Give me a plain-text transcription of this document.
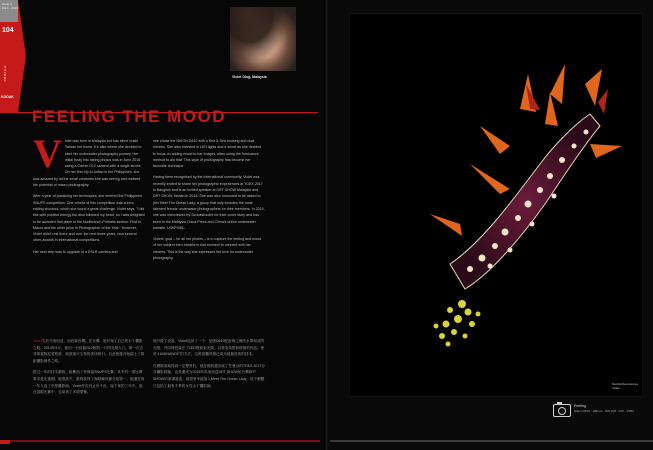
Issue 4 · Vol 1 · 2018
104
PROFILE
KODAK
Violet Ding, Malaysia
FEELING THE MOOD

Violet was born in Malaysia but has since made Taiwan her home. It's also where she decided to start her underwater photography journey. Her initial foray into taking photos was in June 2016 using a Canon G12 camera with a single strobe. On her first trip to Anilao in the Philippines, she was amazed by all the small creatures she was seeing and realised the potential of macro photography.

After a year of practicing her techniques, she entered the Philippines SNUPS competition. One criteria of this competition was a zero editing shootout, which she found a great challenge. Violet says: "I did this with positive energy but also followed my heart, so I was delighted to be awarded first place in the Nudibranch Portraits section. First in Macro and the other prize in Photographer of the Year." However, Violet didn't rest there and over the next three years, won several other awards in international competitions.

Her next step was to upgrade to a DSLR camera and

she chose the NIKON D810 with a Sea & Sea housing and dual strobes. She also invested in LED lights and a snoot as she decided to focus on adding mood to her images, often using the 'luminance' method to aid that. This style of photography has become her favourite technique.

Having been recognised by the international community, Violet was recently invited to share her photographic experiences at TDEX 2017 in Bangkok and is an invited speaker at DRT SHOW Malaysia and DRT SHOW Taiwan in 2018. She was also honoured to be asked to join Meet The Ocean Lady, a group that only includes the most talented female underwater photographers on their members. In 2015, she was interviewed by Scubashooter for their cover story and has been in the Malaysia China Press and China's online underwater website, U/WPIXEL.

Violets' goal – for all her photos – is to capture the feeling and mood of her subject then transform that moment to connect with her viewers. This is the way she expresses her love for underwater photography.

Violet生於马來西亞，而后嫁台灣。在台灣，她开始了自己的水下攝影之路。2014年6月，她用一台佳能G12相机一只閃光燈入门。第一次去菲律賓阿尼勞旅游，就被那片生物的美所吸引。自此她便开始踏上了微距攝影創作之路。

經过一年的技术磨练，她參加了菲律賓SNUPS比賽。其中的一項比賽要求是无後期，她很高兴，最终获得了海蛞蝓肖像分組第一。她還在同一年入选了年度攝影师。Violet并沒有止步于此，接下來的三年中，她在国際比賽中，也拿到了多項榮譽。

她升級了设备，Violet选择了一个：尼康D810配备海之海防水罩和双閃光燈，并同時投資在了LED燈和束光筒，以营造氛围和情绪的作品。使用“LUMINANCE”的方法，这种拍攝风格已成为她最喜欢的技术。

在國際領域得到一定聲誉后，她近期获邀出席了在曼谷的TDEX 2017分享攝影經驗，也受邀成为2018年馬來西亞DRT SHOW和台灣DRT SHOW的演講嘉賓。她很荣幸能加入Meet The Ocean Lady，這个團體只包括了最有才華的女性水下攝影師。	Nembrotha purpurea, Anilao
Feeling
Nikon D810 · 105mm · ISO 200 · f/29 · 1/250
